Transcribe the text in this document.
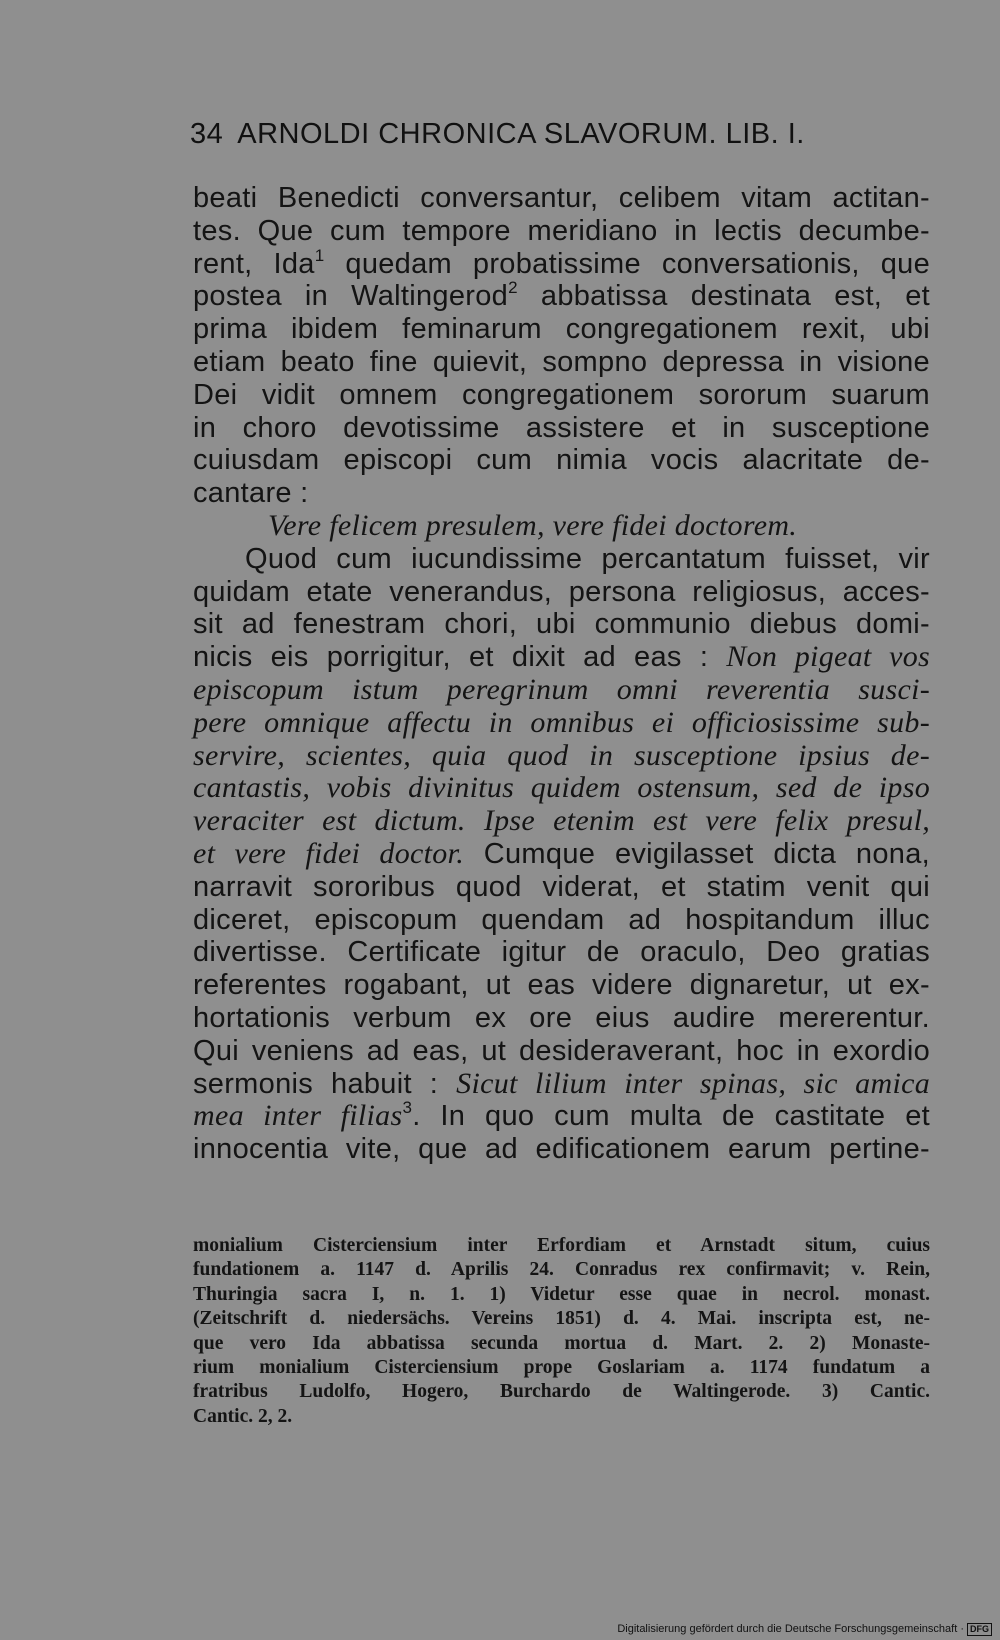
34 ARNOLDI CHRONICA SLAVORUM. LIB. I.
beati Benedicti conversantur, celibem vitam actitan-
tes. Que cum tempore meridiano in lectis decumbe-
rent, Ida$^1$ quedam probatissime conversationis, que
postea in Waltingerod$^2$ abbatissa destinata est, et
prima ibidem feminarum congregationem rexit, ubi
etiam beato fine quievit, sompno depressa in visione
Dei vidit omnem congregationem sororum suarum
in choro devotissime assistere et in susceptione
cuiusdam episcopi cum nimia vocis alacritate de-
cantare :
Vere felicem presulem, vere fidei doctorem.
Quod cum iucundissime percantatum fuisset, vir
quidam etate venerandus, persona religiosus, acces-
sit ad fenestram chori, ubi communio diebus domi-
nicis eis porrigitur, et dixit ad eas : Non pigeat vos
episcopum istum peregrinum omni reverentia susci-
pere omnique affectu in omnibus ei officiosissime sub-
servire, scientes, quia quod in susceptione ipsius de-
cantastis, vobis divinitus quidem ostensum, sed de ipso
veraciter est dictum. Ipse etenim est vere felix presul,
et vere fidei doctor. Cumque evigilasset dicta nona,
narravit sororibus quod viderat, et statim venit qui
diceret, episcopum quendam ad hospitandum illuc
divertisse. Certificate igitur de oraculo, Deo gratias
referentes rogabant, ut eas videre dignaretur, ut ex-
hortationis verbum ex ore eius audire mererentur.
Qui veniens ad eas, ut desideraverant, hoc in exordio
sermonis habuit : Sicut lilium inter spinas, sic amica
mea inter filias$^3$. In quo cum multa de castitate et
innocentia vite, que ad edificationem earum pertine-
monialium Cisterciensium inter Erfordiam et Arnstadt situm, cuius
fundationem a. 1147 d. Aprilis 24. Conradus rex confirmavit; v. Rein,
Thuringia sacra I, n. 1. 1) Videtur esse quae in necrol. monast.
(Zeitschrift d. niedersächs. Vereins 1851) d. 4. Mai. inscripta est, ne-
que vero Ida abbatissa secunda mortua d. Mart. 2. 2) Monaste-
rium monialium Cisterciensium prope Goslariam a. 1174 fundatum a
fratribus Ludolfo, Hogero, Burchardo de Waltingerode. 3) Cantic.
Cantic. 2, 2.
Digitalisierung gefördert durch die Deutsche Forschungsgemeinschaft · DFG
